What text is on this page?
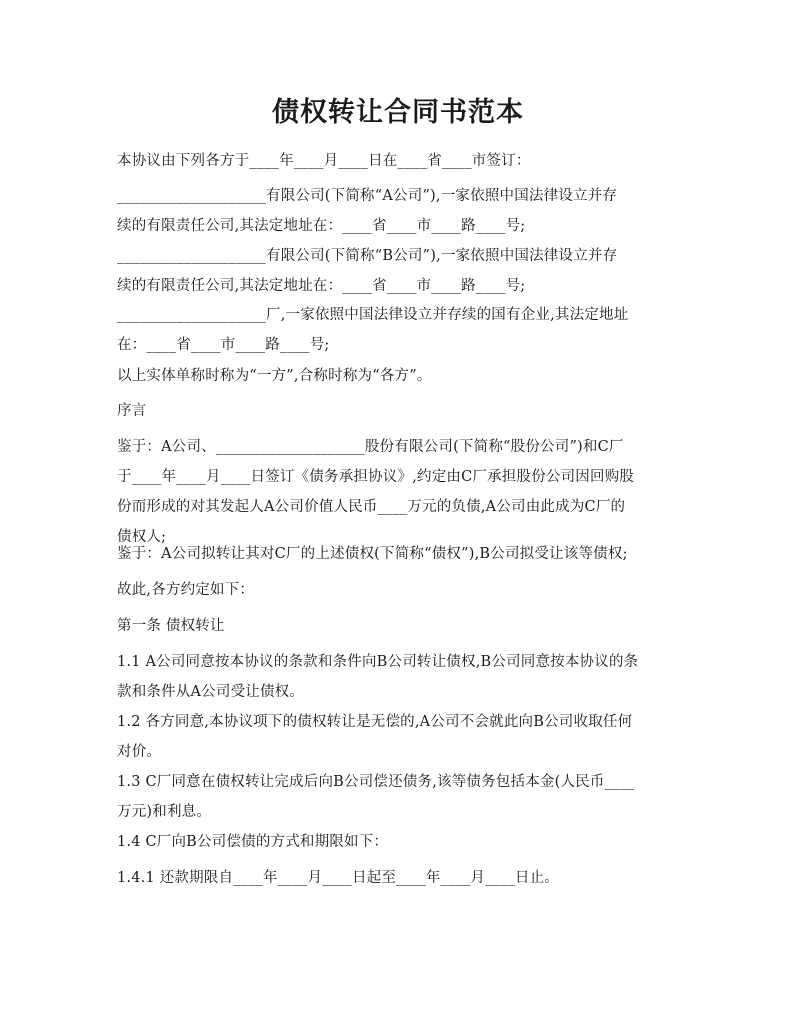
债权转让合同书范本
本协议由下列各方于____年____月____日在____省____市签订：
____________________有限公司(下简称“A公司”),一家依照中国法律设立并存
续的有限责任公司,其法定地址在：____省____市____路____号;
____________________有限公司(下简称“B公司”),一家依照中国法律设立并存
续的有限责任公司,其法定地址在：____省____市____路____号;
____________________厂,一家依照中国法律设立并存续的国有企业,其法定地址
在：____省____市____路____号;
以上实体单称时称为“一方”,合称时称为“各方”。
序言
鉴于：A公司、____________________股份有限公司(下简称“股份公司”)和C厂
于____年____月____日签订《债务承担协议》,约定由C厂承担股份公司因回购股
份而形成的对其发起人A公司价值人民币____万元的负债,A公司由此成为C厂的
债权人;
鉴于：A公司拟转让其对C厂的上述债权(下简称“债权”),B公司拟受让该等债权;
故此,各方约定如下：
第一条 债权转让
1.1 A公司同意按本协议的条款和条件向B公司转让债权,B公司同意按本协议的条
款和条件从A公司受让债权。
1.2 各方同意,本协议项下的债权转让是无偿的,A公司不会就此向B公司收取任何
对价。
1.3 C厂同意在债权转让完成后向B公司偿还债务,该等债务包括本金(人民币____
万元)和利息。
1.4 C厂向B公司偿债的方式和期限如下：
1.4.1 还款期限自____年____月____日起至____年____月____日止。
